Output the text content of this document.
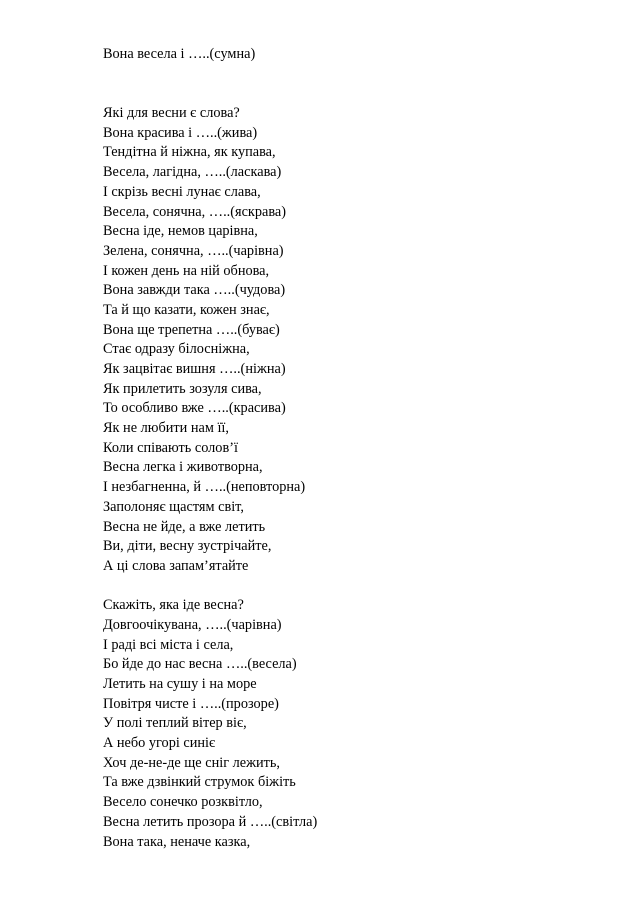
Вона весела і …..(сумна)
Які для весни є слова?
Вона красива і …..(жива)
Тендітна й ніжна, як купава,
Весела, лагідна, …..(ласкава)
І скрізь весні лунає слава,
Весела, сонячна, …..(яскрава)
Весна іде, немов царівна,
Зелена, сонячна, …..(чарівна)
І кожен день на ній обнова,
Вона завжди така …..(чудова)
Та й що казати, кожен знає,
Вона ще трепетна …..(буває)
Стає одразу білосніжна,
Як зацвітає вишня …..(ніжна)
Як прилетить зозуля сива,
То особливо вже …..(красива)
Як не любити нам її,
Коли співають солов’ї
Весна легка і животворна,
І незбагненна, й …..(неповторна)
Заполоняє щастям світ,
Весна не йде, а вже летить
Ви, діти, весну зустрічайте,
А ці слова запам’ятайте
Скажіть, яка іде весна?
Довгоочікувана, …..(чарівна)
І раді всі міста і села,
Бо йде до нас весна …..(весела)
Летить на сушу і на море
Повітря чисте і …..(прозоре)
У полі теплий вітер віє,
А небо угорі синіє
Хоч де-не-де ще сніг лежить,
Та вже дзвінкий струмок біжіть
Весело сонечко розквітло,
Весна летить прозора й …..(світла)
Вона така, неначе казка,
